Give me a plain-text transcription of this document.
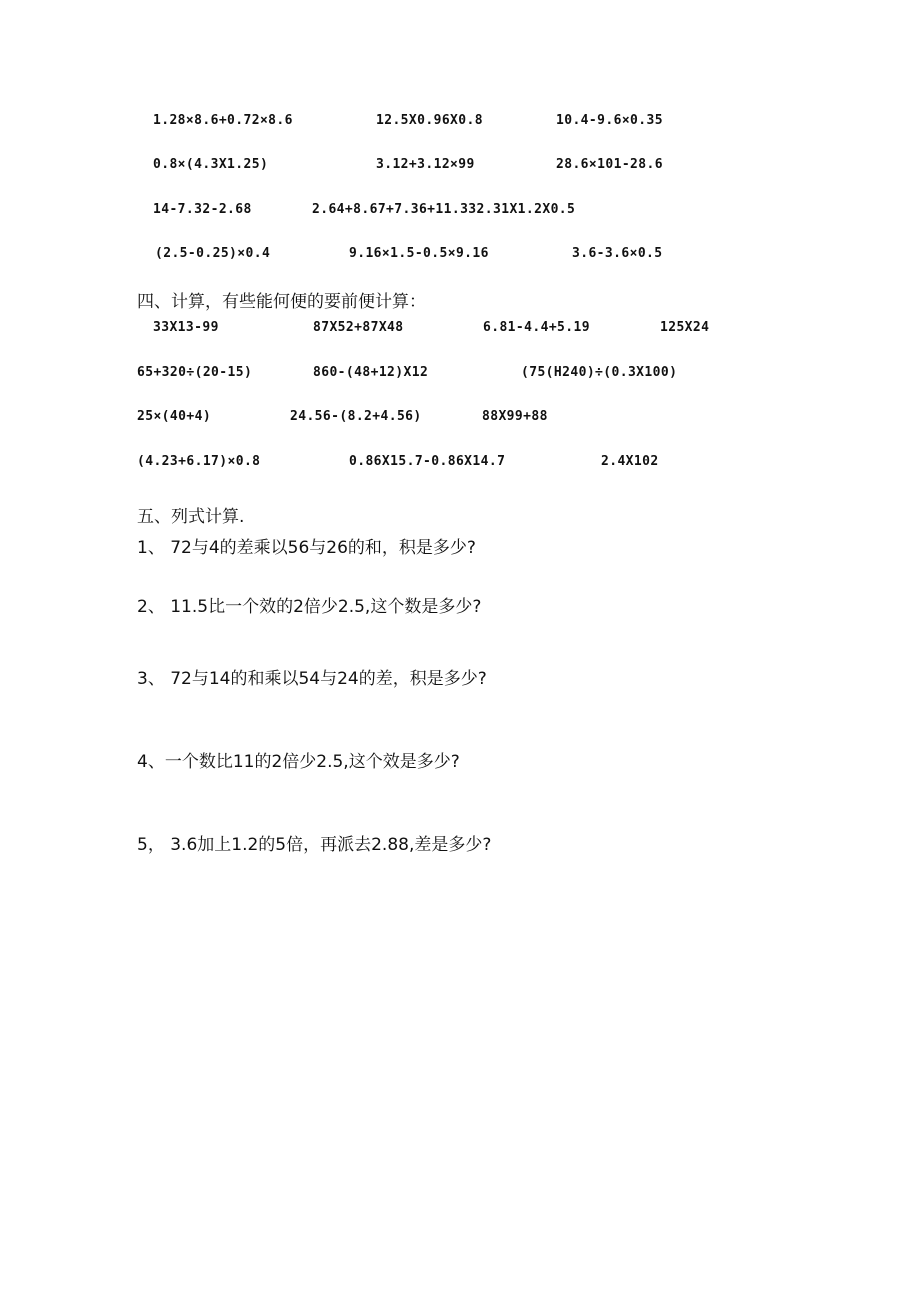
1.28×8.6+0.72×8.6	12.5X0.96X0.8	10.4-9.6×0.35
0.8×(4.3X1.25)	3.12+3.12×99	28.6×101-28.6
14-7.32-2.68	2.64+8.67+7.36+11.332.31X1.2X0.5
(2.5-0.25)×0.4	9.16×1.5-0.5×9.16	3.6-3.6×0.5
四、计算，有些能何便的要前便计算：
33X13-99	87X52+87X48	6.81-4.4+5.19	125X24
65+320÷(20-15)	860-(48+12)X12	(75(H240)÷(0.3X100)
25×(40+4)	24.56-(8.2+4.56)	88X99+88
(4.23+6.17)×0.8	0.86X15.7-0.86X14.7	2.4X102
五、列式计算.
1、 72与4的差乘以56与26的和，积是多少?
2、 11.5比一个效的2倍少2.5,这个数是多少?
3、 72与14的和乘以54与24的差，积是多少?
4、一个数比11的2倍少2.5,这个效是多少?
5， 3.6加上1.2的5倍，再派去2.88,差是多少?
